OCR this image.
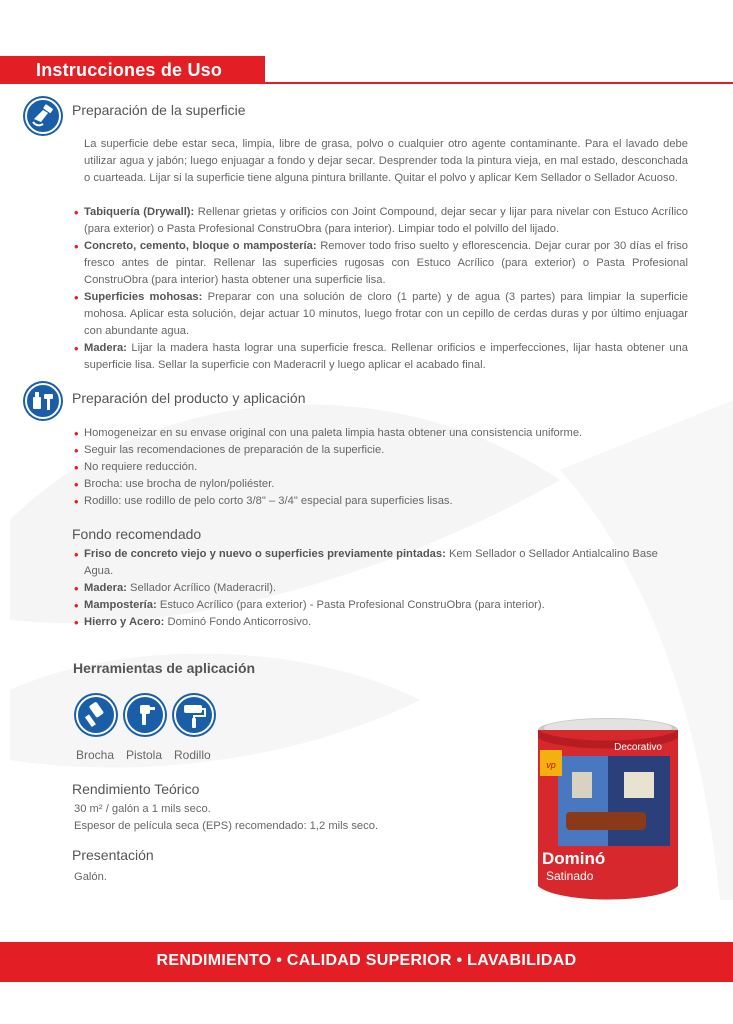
Instrucciones de Uso
Preparación de la superficie
La superficie debe estar seca, limpia, libre de grasa, polvo o cualquier otro agente contaminante. Para el lavado debe utilizar agua y jabón; luego enjuagar a fondo y dejar secar. Desprender toda la pintura vieja, en mal estado, desconchada o cuarteada. Lijar si la superficie tiene alguna pintura brillante. Quitar el polvo y aplicar Kem Sellador o Sellador Acuoso.
• Tabiquería (Drywall): Rellenar grietas y orificios con Joint Compound, dejar secar y lijar para nivelar con Estuco Acrílico (para exterior) o Pasta Profesional ConstruObra (para interior). Limpiar todo el polvillo del lijado.
• Concreto, cemento, bloque o mampostería: Remover todo friso suelto y eflorescencia. Dejar curar por 30 días el friso fresco antes de pintar. Rellenar las superficies rugosas con Estuco Acrílico (para exterior) o Pasta Profesional ConstruObra (para interior) hasta obtener una superficie lisa.
• Superficies mohosas: Preparar con una solución de cloro (1 parte) y de agua (3 partes) para limpiar la superficie mohosa. Aplicar esta solución, dejar actuar 10 minutos, luego frotar con un cepillo de cerdas duras y por último enjuagar con abundante agua.
• Madera: Lijar la madera hasta lograr una superficie fresca. Rellenar orificios e imperfecciones, lijar hasta obtener una superficie lisa. Sellar la superficie con Maderacril y luego aplicar el acabado final.
Preparación del producto y aplicación
• Homogeneizar en su envase original con una paleta limpia hasta obtener una consistencia uniforme.
• Seguir las recomendaciones de preparación de la superficie.
• No requiere reducción.
• Brocha: use brocha de nylon/poliéster.
• Rodillo: use rodillo de pelo corto 3/8" – 3/4" especial para superficies lisas.
Fondo recomendado
• Friso de concreto viejo y nuevo o superficies previamente pintadas: Kem Sellador o Sellador Antialcalino Base Agua.
• Madera: Sellador Acrílico (Maderacril).
• Mampostería: Estuco Acrílico (para exterior) - Pasta Profesional ConstruObra (para interior).
• Hierro y Acero: Dominó Fondo Anticorrosivo.
Herramientas de aplicación
Brocha Pistola Rodillo
Rendimiento Teórico
30 m² / galón a 1 mils seco.
Espesor de película seca (EPS) recomendado: 1,2 mils seco.
Presentación
Galón.
vp
Decorativo
Dominó
Satinado
RENDIMIENTO • CALIDAD SUPERIOR • LAVABILIDAD
